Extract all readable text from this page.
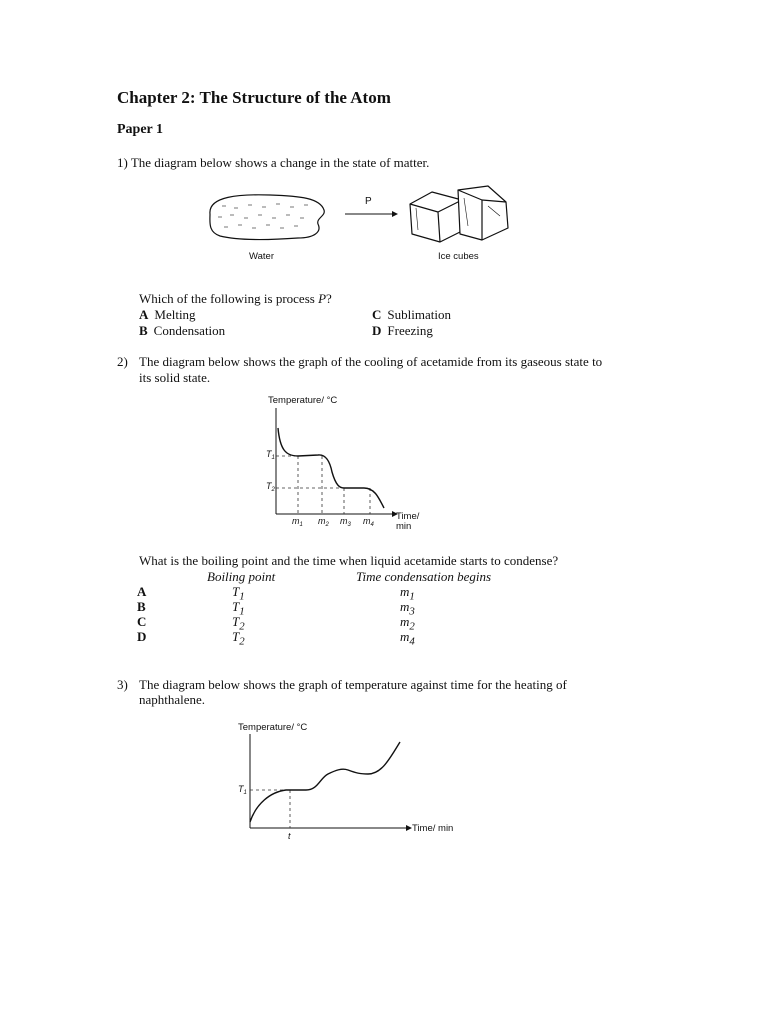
Chapter 2: The Structure of the Atom
Paper 1
1) The diagram below shows a change in the state of matter.
P
Water	Ice cubes
Which of the following is process P?
A Melting
B Condensation
C Sublimation
D Freezing
2) The diagram below shows the graph of the cooling of acetamide from its gaseous state to
its solid state.
Temperature/ °C
$T_1$
$T_2$
$m_1$ $m_2$ $m_3$ $m_4$
Time/
min
What is the boiling point and the time when liquid acetamide starts to condense?
Boiling point	Time condensation begins
A	$T_1$	$m_1$
B	$T_1$	$m_3$
C	$T_2$	$m_2$
D	$T_2$	$m_4$
3) The diagram below shows the graph of temperature against time for the heating of
naphthalene.
Temperature/ °C
$T_1$
t
Time/ min
